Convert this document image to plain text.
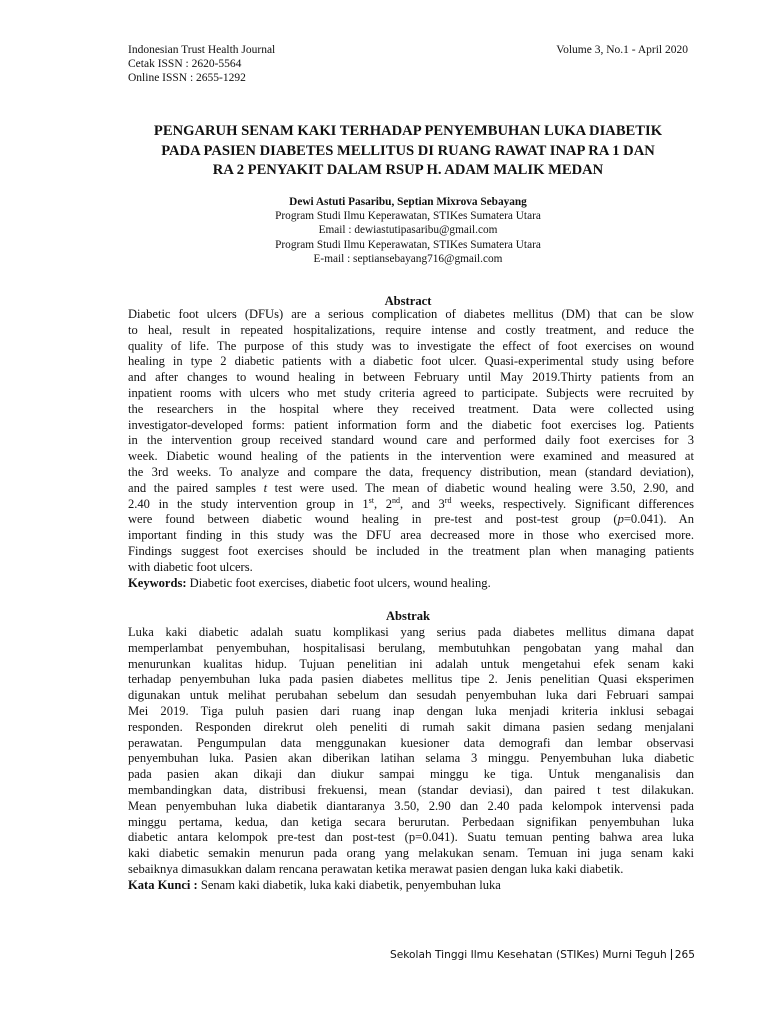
Indonesian Trust Health Journal
Cetak ISSN : 2620-5564
Online ISSN : 2655-1292
Volume 3, No.1 - April 2020
PENGARUH SENAM KAKI TERHADAP PENYEMBUHAN LUKA DIABETIK
PADA PASIEN DIABETES MELLITUS DI RUANG RAWAT INAP RA 1 DAN
RA 2 PENYAKIT DALAM RSUP H. ADAM MALIK MEDAN
Dewi Astuti Pasaribu, Septian Mixrova Sebayang
Program Studi Ilmu Keperawatan, STIKes Sumatera Utara
Email : dewiastutipasaribu@gmail.com
Program Studi Ilmu Keperawatan, STIKes Sumatera Utara
E-mail : septiansebayang716@gmail.com
Abstract
Diabetic foot ulcers (DFUs) are a serious complication of diabetes mellitus (DM) that can be slow
to heal, result in repeated hospitalizations, require intense and costly treatment, and reduce the
quality of life. The purpose of this study was to investigate the effect of foot exercises on wound
healing in type 2 diabetic patients with a diabetic foot ulcer. Quasi-experimental study using before
and after changes to wound healing in between February until May 2019.Thirty patients from an
inpatient rooms with ulcers who met study criteria agreed to participate. Subjects were recruited by
the researchers in the hospital where they received treatment. Data were collected using
investigator-developed forms: patient information form and the diabetic foot exercises log. Patients
in the intervention group received standard wound care and performed daily foot exercises for 3
week. Diabetic wound healing of the patients in the intervention were examined and measured at
the 3rd weeks. To analyze and compare the data, frequency distribution, mean (standard deviation),
and the paired samples t test were used. The mean of diabetic wound healing were 3.50, 2.90, and
2.40 in the study intervention group in 1st, 2nd, and 3rd weeks, respectively. Significant differences
were found between diabetic wound healing in pre-test and post-test group (p=0.041). An
important finding in this study was the DFU area decreased more in those who exercised more.
Findings suggest foot exercises should be included in the treatment plan when managing patients
with diabetic foot ulcers.
Keywords: Diabetic foot exercises, diabetic foot ulcers, wound healing.
Abstrak
Luka kaki diabetic adalah suatu komplikasi yang serius pada diabetes mellitus dimana dapat
memperlambat penyembuhan, hospitalisasi berulang, membutuhkan pengobatan yang mahal dan
menurunkan kualitas hidup. Tujuan penelitian ini adalah untuk mengetahui efek senam kaki
terhadap penyembuhan luka pada pasien diabetes mellitus tipe 2. Jenis penelitian Quasi eksperimen
digunakan untuk melihat perubahan sebelum dan sesudah penyembuhan luka dari Februari sampai
Mei 2019. Tiga puluh pasien dari ruang inap dengan luka menjadi kriteria inklusi sebagai
responden. Responden direkrut oleh peneliti di rumah sakit dimana pasien sedang menjalani
perawatan. Pengumpulan data menggunakan kuesioner data demografi dan lembar observasi
penyembuhan luka. Pasien akan diberikan latihan selama 3 minggu. Penyembuhan luka diabetic
pada pasien akan dikaji dan diukur sampai minggu ke tiga. Untuk menganalisis dan
membandingkan data, distribusi frekuensi, mean (standar deviasi), dan paired t test dilakukan.
Mean penyembuhan luka diabetik diantaranya 3.50, 2.90 dan 2.40 pada kelompok intervensi pada
minggu pertama, kedua, dan ketiga secara berurutan. Perbedaan signifikan penyembuhan luka
diabetic antara kelompok pre-test dan post-test (p=0.041). Suatu temuan penting bahwa area luka
kaki diabetic semakin menurun pada orang yang melakukan senam. Temuan ini juga senam kaki
sebaiknya dimasukkan dalam rencana perawatan ketika merawat pasien dengan luka kaki diabetik.
Kata Kunci : Senam kaki diabetik, luka kaki diabetik, penyembuhan luka
Sekolah Tinggi Ilmu Kesehatan (STIKes) Murni Teguh 265
